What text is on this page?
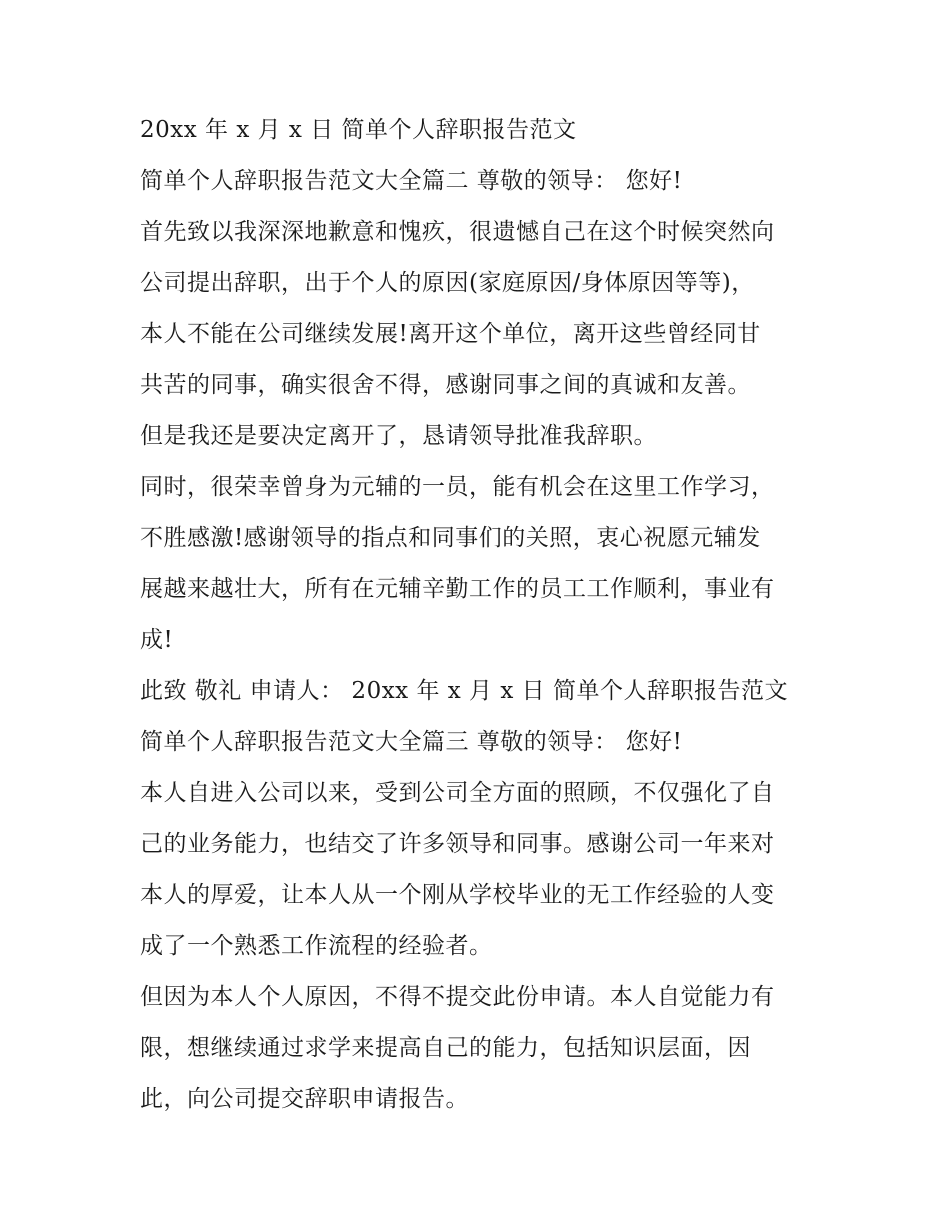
20xx 年 x 月 x 日 简单个人辞职报告范文
简单个人辞职报告范文大全篇二 尊敬的领导： 您好!
首先致以我深深地歉意和愧疚，很遗憾自己在这个时候突然向
公司提出辞职，出于个人的原因(家庭原因/身体原因等等)，
本人不能在公司继续发展!离开这个单位，离开这些曾经同甘
共苦的同事，确实很舍不得，感谢同事之间的真诚和友善。
但是我还是要决定离开了，恳请领导批准我辞职。
同时，很荣幸曾身为元辅的一员，能有机会在这里工作学习，
不胜感激!感谢领导的指点和同事们的关照，衷心祝愿元辅发
展越来越壮大，所有在元辅辛勤工作的员工工作顺利，事业有
成!
此致 敬礼 申请人： 20xx 年 x 月 x 日 简单个人辞职报告范文
简单个人辞职报告范文大全篇三 尊敬的领导： 您好!
本人自进入公司以来，受到公司全方面的照顾，不仅强化了自
己的业务能力，也结交了许多领导和同事。感谢公司一年来对
本人的厚爱，让本人从一个刚从学校毕业的无工作经验的人变
成了一个熟悉工作流程的经验者。
但因为本人个人原因，不得不提交此份申请。本人自觉能力有
限，想继续通过求学来提高自己的能力，包括知识层面，因
此，向公司提交辞职申请报告。
